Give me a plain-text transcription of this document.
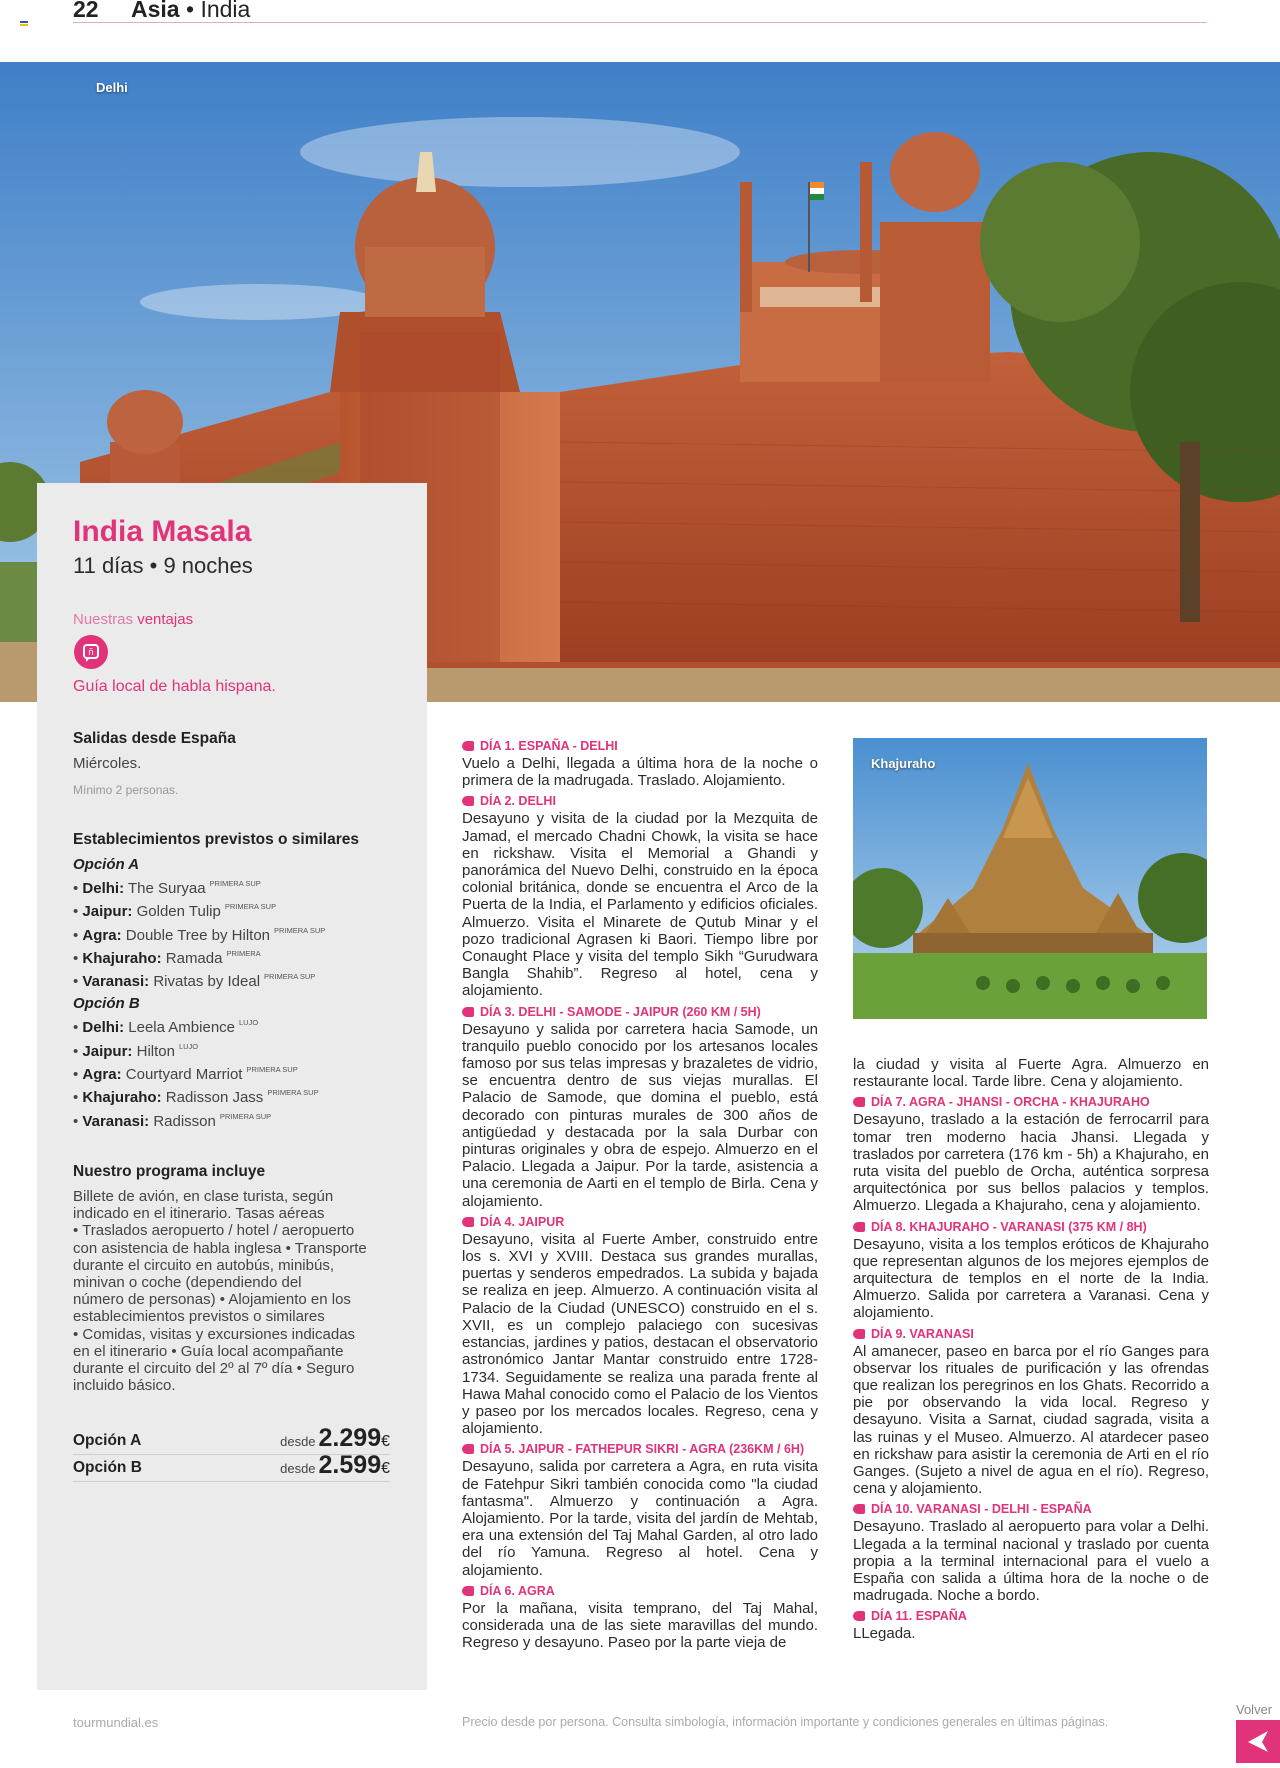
22 Asia • India
Delhi
India Masala
11 días • 9 noches
Nuestras ventajas
ñ
Guía local de habla hispana.
Salidas desde España
Miércoles.
Mínimo 2 personas.
Establecimientos previstos o similares
Opción A
• Delhi: The Suryaa $^{PRIMERA SUP}$
• Jaipur: Golden Tulip $^{PRIMERA SUP}$
• Agra: Double Tree by Hilton $^{PRIMERA SUP}$
• Khajuraho: Ramada $^{PRIMERA}$
• Varanasi: Rivatas by Ideal $^{PRIMERA SUP}$
Opción B
• Delhi: Leela Ambience $^{LUJO}$
• Jaipur: Hilton $^{LUJO}$
• Agra: Courtyard Marriot $^{PRIMERA SUP}$
• Khajuraho: Radisson Jass $^{PRIMERA SUP}$
• Varanasi: Radisson $^{PRIMERA SUP}$
Nuestro programa incluye
Billete de avión, en clase turista, según
indicado en el itinerario. Tasas aéreas
• Traslados aeropuerto / hotel / aeropuerto
con asistencia de habla inglesa • Transporte
durante el circuito en autobús, minibús,
minivan o coche (dependiendo del
número de personas) • Alojamiento en los
establecimientos previstos o similares
• Comidas, visitas y excursiones indicadas
en el itinerario • Guía local acompañante
durante el circuito del 2º al 7º día • Seguro
incluido básico.
Opción A	desde 2.299€
Opción B	desde 2.599€
DÍA 1. ESPAÑA - DELHI
Vuelo a Delhi, llegada a última hora de la noche o primera de la madrugada. Traslado. Alojamiento.
DÍA 2. DELHI
Desayuno y visita de la ciudad por la Mezquita de Jamad, el mercado Chadni Chowk, la visita se hace en rickshaw. Visita el Memorial a Ghandi y panorámica del Nuevo Delhi, construido en la época colonial británica, donde se encuentra el Arco de la Puerta de la India, el Parlamento y edificios oficiales. Almuerzo. Visita el Minarete de Qutub Minar y el pozo tradicional Agrasen ki Baori. Tiempo libre por Conaught Place y visita del templo Sikh “Gurudwara Bangla Shahib”. Regreso al hotel, cena y alojamiento.
DÍA 3. DELHI - SAMODE - JAIPUR (260 KM / 5H)
Desayuno y salida por carretera hacia Samode, un tranquilo pueblo conocido por los artesanos locales famoso por sus telas impresas y brazaletes de vidrio, se encuentra dentro de sus viejas murallas. El Palacio de Samode, que domina el pueblo, está decorado con pinturas murales de 300 años de antigüedad y destacada por la sala Durbar con pinturas originales y obra de espejo. Almuerzo en el Palacio. Llegada a Jaipur. Por la tarde, asistencia a una ceremonia de Aarti en el templo de Birla. Cena y alojamiento.
DÍA 4. JAIPUR
Desayuno, visita al Fuerte Amber, construido entre los s. XVI y XVIII. Destaca sus grandes murallas, puertas y senderos empedrados. La subida y bajada se realiza en jeep. Almuerzo. A continuación visita al Palacio de la Ciudad (UNESCO) construido en el s. XVII, es un complejo palaciego con sucesivas estancias, jardines y patios, destacan el observatorio astronómico Jantar Mantar construido entre 1728-1734. Seguidamente se realiza una parada frente al Hawa Mahal conocido como el Palacio de los Vientos y paseo por los mercados locales. Regreso, cena y alojamiento.
DÍA 5. JAIPUR - FATHEPUR SIKRI - AGRA (236KM / 6H)
Desayuno, salida por carretera a Agra, en ruta visita de Fatehpur Sikri también conocida como "la ciudad fantasma". Almuerzo y continuación a Agra. Alojamiento. Por la tarde, visita del jardín de Mehtab, era una extensión del Taj Mahal Garden, al otro lado del río Yamuna. Regreso al hotel. Cena y alojamiento.
DÍA 6. AGRA
Por la mañana, visita temprano, del Taj Mahal, considerada una de las siete maravillas del mundo. Regreso y desayuno. Paseo por la parte vieja de
Khajuraho
la ciudad y visita al Fuerte Agra. Almuerzo en restaurante local. Tarde libre. Cena y alojamiento.
DÍA 7. AGRA - JHANSI - ORCHA - KHAJURAHO
Desayuno, traslado a la estación de ferrocarril para tomar tren moderno hacia Jhansi. Llegada y traslados por carretera (176 km - 5h) a Khajuraho, en ruta visita del pueblo de Orcha, auténtica sorpresa arquitectónica por sus bellos palacios y templos. Almuerzo. Llegada a Khajuraho, cena y alojamiento.
DÍA 8. KHAJURAHO - VARANASI (375 KM / 8H)
Desayuno, visita a los templos eróticos de Khajuraho que representan algunos de los mejores ejemplos de arquitectura de templos en el norte de la India. Almuerzo. Salida por carretera a Varanasi. Cena y alojamiento.
DÍA 9. VARANASI
Al amanecer, paseo en barca por el río Ganges para observar los rituales de purificación y las ofrendas que realizan los peregrinos en los Ghats. Recorrido a pie por observando la vida local. Regreso y desayuno. Visita a Sarnat, ciudad sagrada, visita a las ruinas y el Museo. Almuerzo. Al atardecer paseo en rickshaw para asistir la ceremonia de Arti en el río Ganges. (Sujeto a nivel de agua en el río). Regreso, cena y alojamiento.
DÍA 10. VARANASI - DELHI - ESPAÑA
Desayuno. Traslado al aeropuerto para volar a Delhi. Llegada a la terminal nacional y traslado por cuenta propia a la terminal internacional para el vuelo a España con salida a última hora de la noche o de madrugada. Noche a bordo.
DÍA 11. ESPAÑA
LLegada.
tourmundial.es	Precio desde por persona. Consulta simbología, información importante y condiciones generales en últimas páginas.
Volver
